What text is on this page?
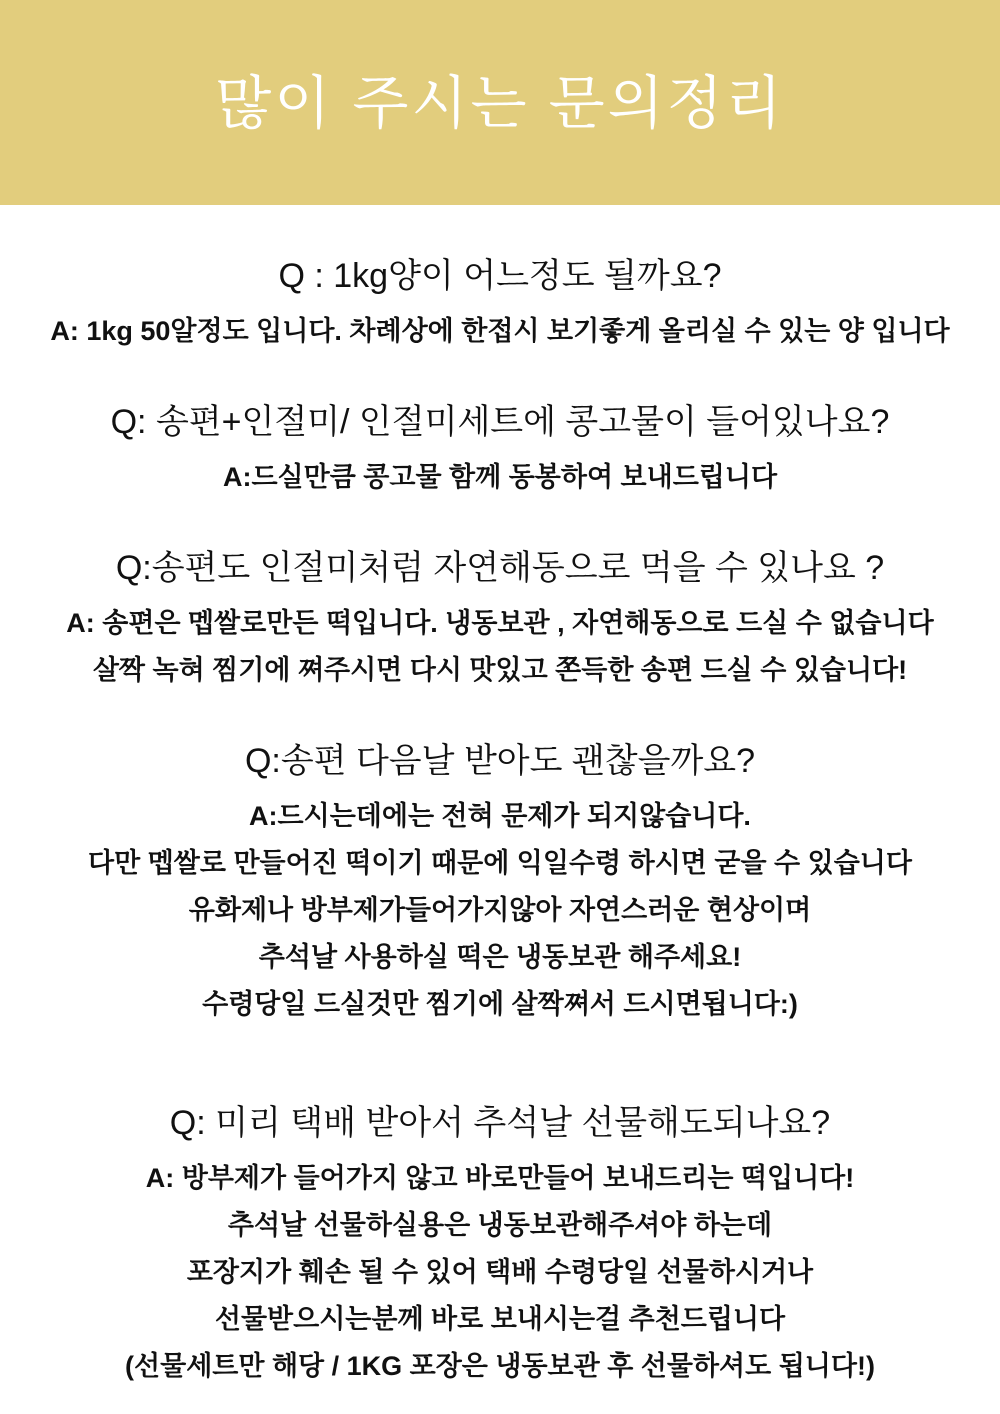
많이 주시는 문의정리

Q : 1kg양이 어느정도 될까요?

A: 1kg 50알정도 입니다. 차례상에 한접시 보기좋게 올리실 수 있는 양 입니다

Q: 송편+인절미/ 인절미세트에 콩고물이 들어있나요?

A:드실만큼 콩고물 함께 동봉하여 보내드립니다

Q:송편도 인절미처럼 자연해동으로 먹을 수 있나요 ?

A: 송편은 멥쌀로만든 떡입니다. 냉동보관 , 자연해동으로 드실 수 없습니다

살짝 녹혀 찜기에 쪄주시면 다시 맛있고 쫀득한 송편 드실 수 있습니다!

Q:송편 다음날 받아도 괜찮을까요?

A:드시는데에는 전혀 문제가 되지않습니다.

다만 멥쌀로 만들어진 떡이기 때문에 익일수령 하시면 굳을 수 있습니다

유화제나 방부제가들어가지않아 자연스러운 현상이며

추석날 사용하실 떡은 냉동보관 해주세요!

수령당일 드실것만 찜기에 살짝쪄서 드시면됩니다:)

Q: 미리 택배 받아서 추석날 선물해도되나요?

A: 방부제가 들어가지 않고 바로만들어 보내드리는 떡입니다!

추석날 선물하실용은 냉동보관해주셔야 하는데

포장지가 훼손 될 수 있어 택배 수령당일 선물하시거나

선물받으시는분께 바로 보내시는걸 추천드립니다

(선물세트만 해당 / 1KG 포장은 냉동보관 후 선물하셔도 됩니다!)
